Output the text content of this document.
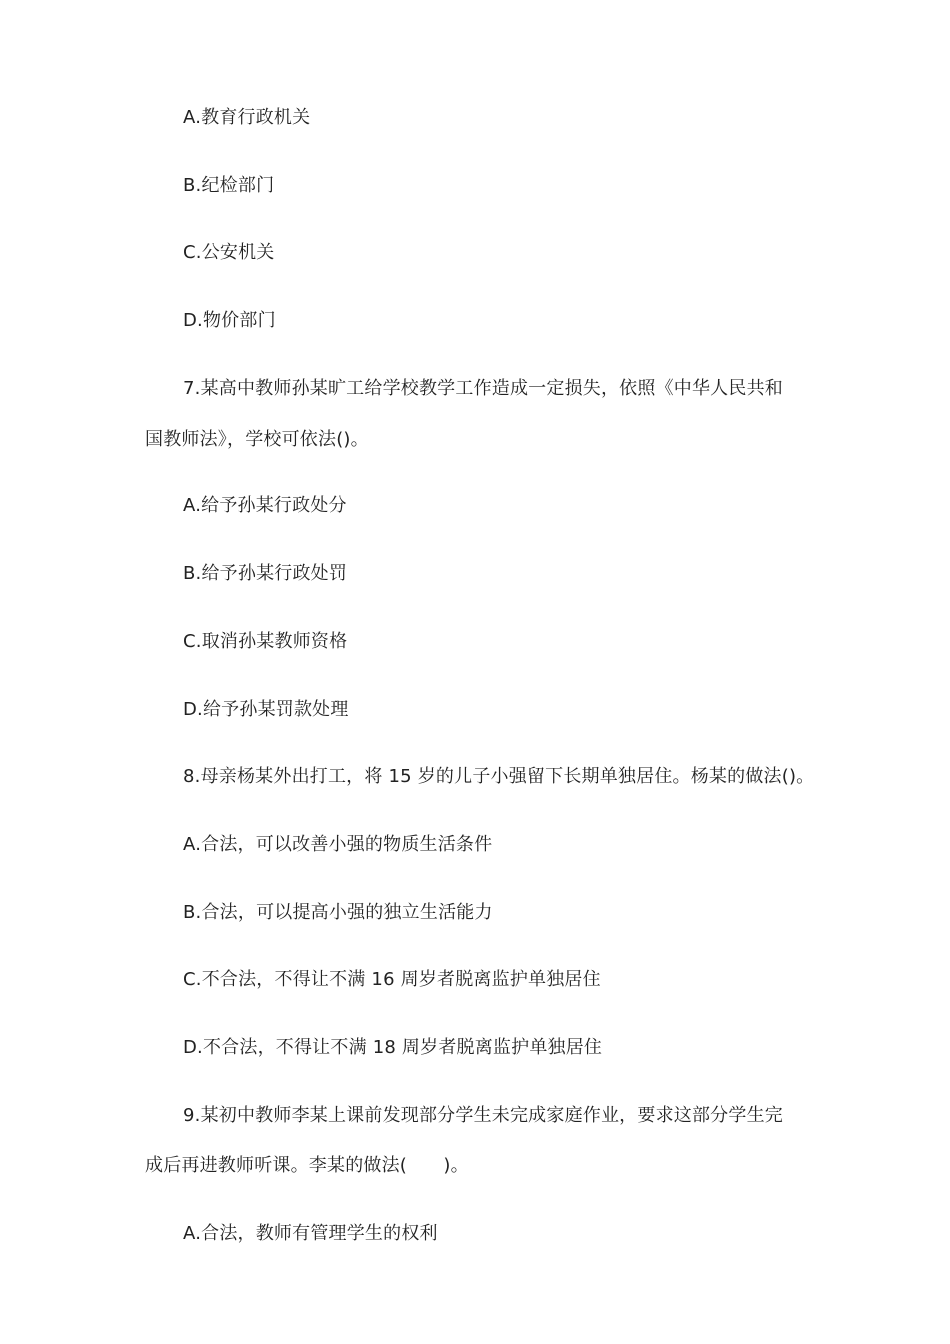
A.教育行政机关
B.纪检部门
C.公安机关
D.物价部门
7.某高中教师孙某旷工给学校教学工作造成一定损失，依照《中华人民共和
国教师法》，学校可依法()。
A.给予孙某行政处分
B.给予孙某行政处罚
C.取消孙某教师资格
D.给予孙某罚款处理
8.母亲杨某外出打工，将 15 岁的儿子小强留下长期单独居住。杨某的做法()。
A.合法，可以改善小强的物质生活条件
B.合法，可以提高小强的独立生活能力
C.不合法，不得让不满 16 周岁者脱离监护单独居住
D.不合法，不得让不满 18 周岁者脱离监护单独居住
9.某初中教师李某上课前发现部分学生未完成家庭作业，要求这部分学生完
成后再进教师听课。李某的做法(　　)。
A.合法，教师有管理学生的权利
